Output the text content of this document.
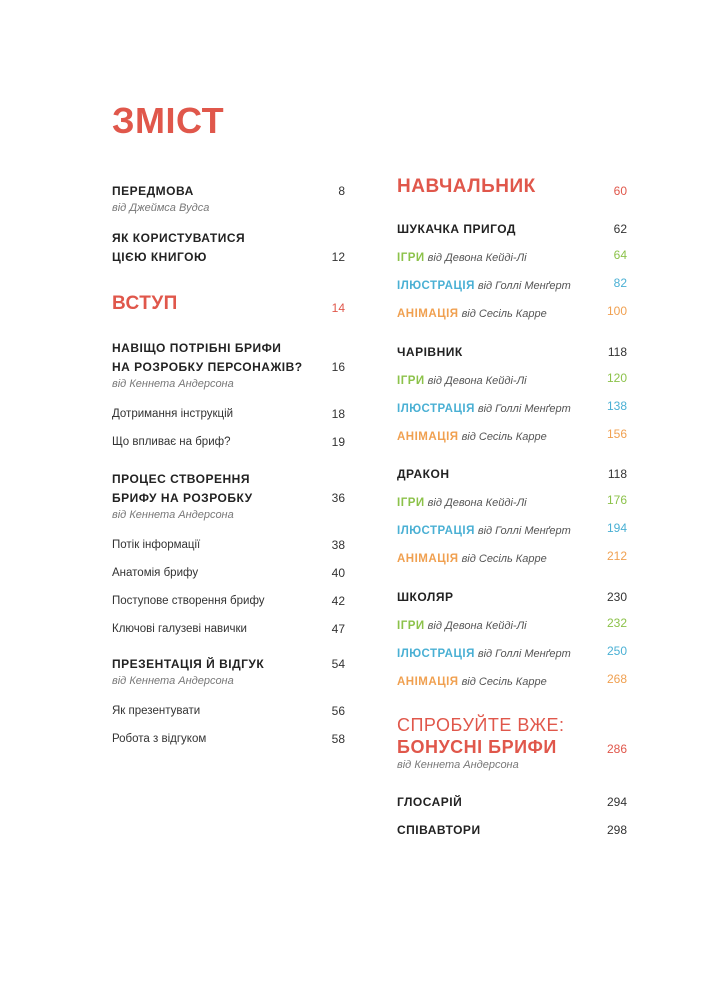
ЗМІСТ
ПЕРЕДМОВА	8
від Джеймса Вудса
ЯК КОРИСТУВАТИСЯ
ЦІЄЮ КНИГОЮ	12
ВСТУП	14
НАВІЩО ПОТРІБНІ БРИФИ
НА РОЗРОБКУ ПЕРСОНАЖІВ?	16
від Кеннета Андерсона
Дотримання інструкцій	18
Що впливає на бриф?	19
ПРОЦЕС СТВОРЕННЯ
БРИФУ НА РОЗРОБКУ	36
від Кеннета Андерсона
Потік інформації	38
Анатомія брифу	40
Поступове створення брифу	42
Ключові галузеві навички	47
ПРЕЗЕНТАЦІЯ Й ВІДГУК	54
від Кеннета Андерсона
Як презентувати	56
Робота з відгуком	58
НАВЧАЛЬНИК	60
ШУКАЧКА ПРИГОД	62
ІГРИ від Девона Кейді-Лі	64
ІЛЮСТРАЦІЯ від Голлі Менґерт	82
АНІМАЦІЯ від Сесіль Карре	100
ЧАРІВНИК	118
ІГРИ від Девона Кейді-Лі	120
ІЛЮСТРАЦІЯ від Голлі Менґерт	138
АНІМАЦІЯ від Сесіль Карре	156
ДРАКОН	118
ІГРИ від Девона Кейді-Лі	176
ІЛЮСТРАЦІЯ від Голлі Менґерт	194
АНІМАЦІЯ від Сесіль Карре	212
ШКОЛЯР	230
ІГРИ від Девона Кейді-Лі	232
ІЛЮСТРАЦІЯ від Голлі Менґерт	250
АНІМАЦІЯ від Сесіль Карре	268
СПРОБУЙТЕ ВЖЕ:
БОНУСНІ БРИФИ	286
від Кеннета Андерсона
ГЛОСАРІЙ	294
СПІВАВТОРИ	298
